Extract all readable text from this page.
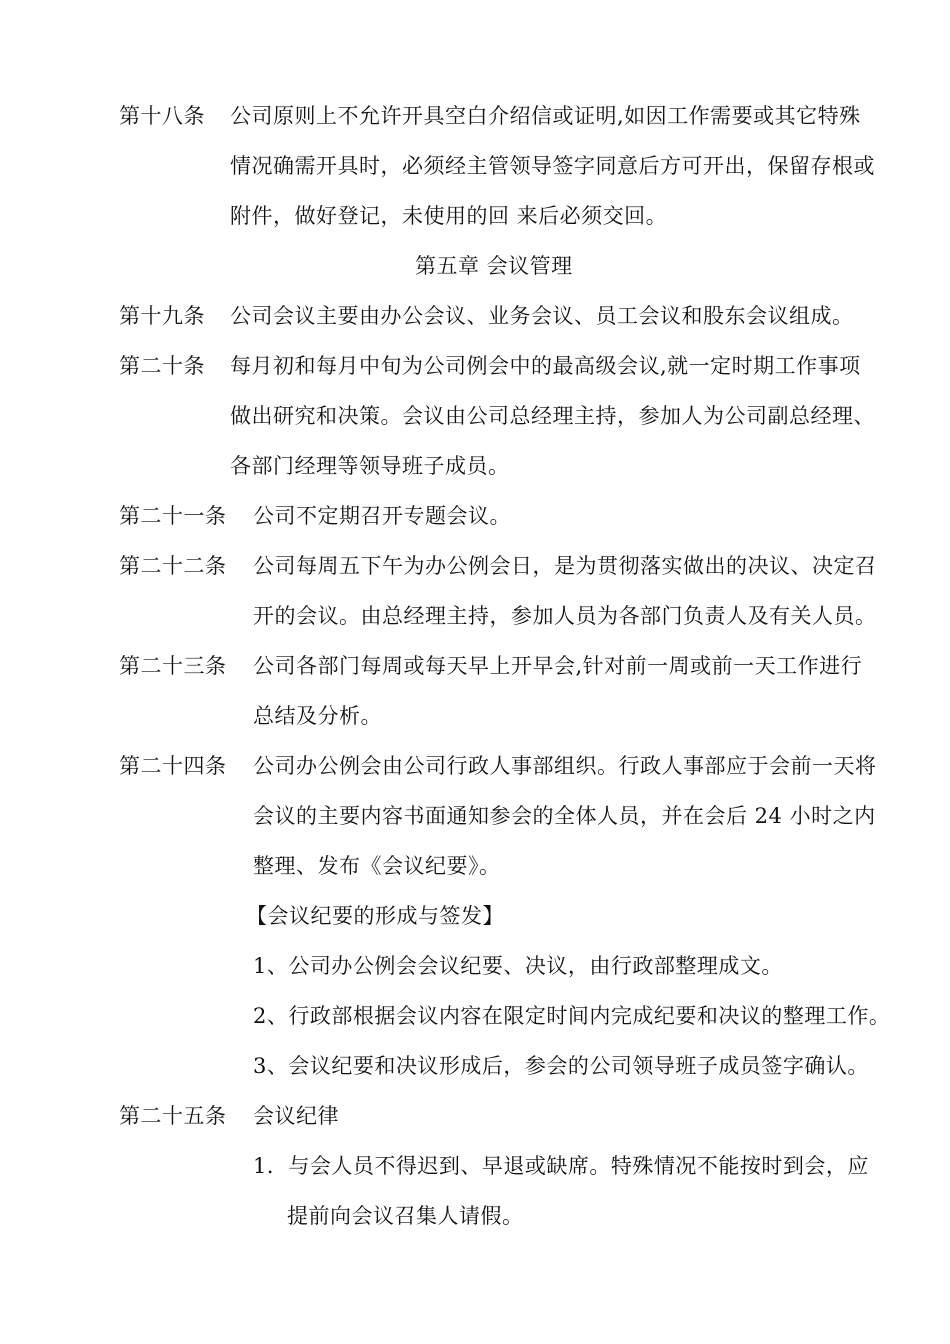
第十八条 公司原则上不允许开具空白介绍信或证明,如因工作需要或其它特殊
情况确需开具时，必须经主管领导签字同意后方可开出，保留存根或
附件，做好登记，未使用的回 来后必须交回。
第五章 会议管理
第十九条 公司会议主要由办公会议、业务会议、员工会议和股东会议组成。
第二十条 每月初和每月中旬为公司例会中的最高级会议,就一定时期工作事项
做出研究和决策。会议由公司总经理主持，参加人为公司副总经理、
各部门经理等领导班子成员。
第二十一条 公司不定期召开专题会议。
第二十二条 公司每周五下午为办公例会日，是为贯彻落实做出的决议、决定召
开的会议。由总经理主持，参加人员为各部门负责人及有关人员。
第二十三条 公司各部门每周或每天早上开早会,针对前一周或前一天工作进行
总结及分析。
第二十四条 公司办公例会由公司行政人事部组织。行政人事部应于会前一天将
会议的主要内容书面通知参会的全体人员，并在会后 24 小时之内
整理、发布《会议纪要》。
【会议纪要的形成与签发】
1、公司办公例会会议纪要、决议，由行政部整理成文。
2、行政部根据会议内容在限定时间内完成纪要和决议的整理工作。
3、会议纪要和决议形成后，参会的公司领导班子成员签字确认。
第二十五条 会议纪律
1．与会人员不得迟到、早退或缺席。特殊情况不能按时到会，应
提前向会议召集人请假。
